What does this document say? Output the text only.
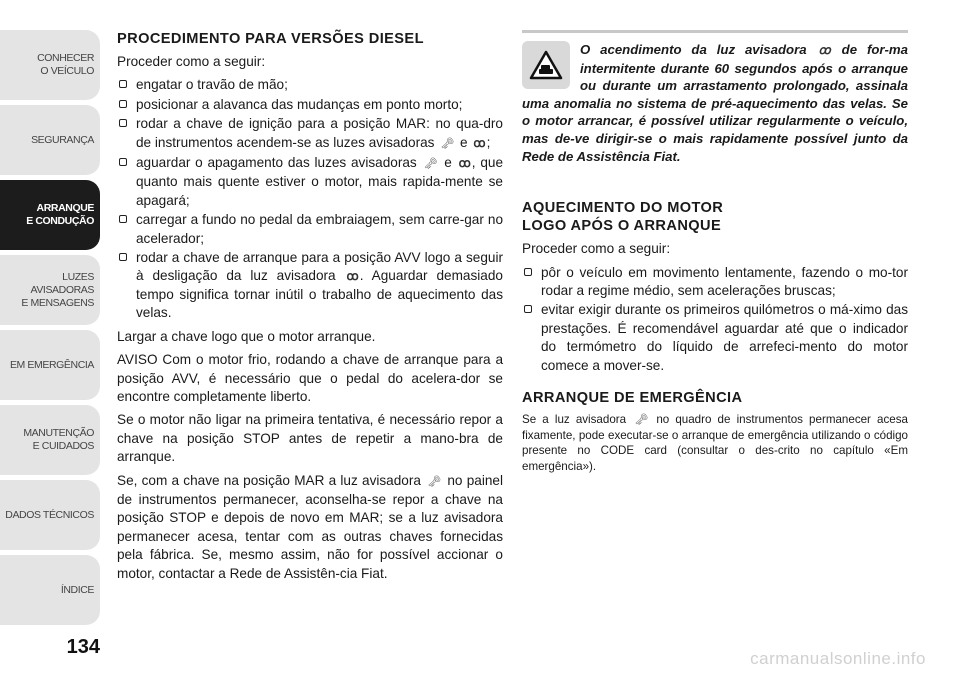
CONHECER
O VEÍCULO
SEGURANÇA
ARRANQUE
E CONDUÇÃO
LUZES AVISADORAS
E MENSAGENS
EM EMERGÊNCIA
MANUTENÇÃO
E CUIDADOS
DADOS TÉCNICOS
ÍNDICE
134
PROCEDIMENTO PARA VERSÕES DIESEL

Proceder como a seguir:

engatar o travão de mão;
posicionar a alavanca das mudanças em ponto morto;
rodar a chave de ignição para a posição MAR: no qua-dro de instrumentos acendem-se as luzes avisadoras 🗝 e ꝏ ;
aguardar o apagamento das luzes avisadoras 🗝 e ꝏ , que quanto mais quente estiver o motor, mais rapida-mente se apagará;
carregar a fundo no pedal da embraiagem, sem carre-gar no acelerador;
rodar a chave de arranque para a posição AVV logo a seguir à desligação da luz avisadora ꝏ . Aguardar demasiado tempo significa tornar inútil o trabalho de aquecimento das velas.

Largar a chave logo que o motor arranque.

AVISO Com o motor frio, rodando a chave de arranque para a posição AVV, é necessário que o pedal do acelera-dor se encontre completamente liberto.

Se o motor não ligar na primeira tentativa, é necessário repor a chave na posição STOP antes de repetir a mano-bra de arranque.

Se, com a chave na posição MAR a luz avisadora 🗝 no painel de instrumentos permanecer, aconselha-se repor a chave na posição STOP e depois de novo em MAR; se a luz avisadora permanecer acesa, tentar com as outras chaves fornecidas pela fábrica. Se, mesmo assim, não for possível accionar o motor, contactar a Rede de Assistên-cia Fiat.

O acendimento da luz avisadora ꝏ de for-ma intermitente durante 60 segundos após o arranque ou durante um arrastamento prolongado, assinala uma anomalia no sistema de pré-aquecimento das velas. Se o motor arrancar, é possível utilizar regularmente o veículo, mas de-ve dirigir-se o mais rapidamente possível junto da Rede de Assistência Fiat.
AQUECIMENTO DO MOTOR
LOGO APÓS O ARRANQUE

Proceder como a seguir:

pôr o veículo em movimento lentamente, fazendo o mo-tor rodar a regime médio, sem acelerações bruscas;
evitar exigir durante os primeiros quilómetros o má-ximo das prestações. É recomendável aguardar até que o indicador do termómetro do líquido de arrefeci-mento do motor comece a mover-se.
ARRANQUE DE EMERGÊNCIA

Se a luz avisadora 🗝 no quadro de instrumentos permanecer acesa fixamente, pode executar-se o arranque de emergência utilizando o código presente no CODE card (consultar o des-crito no capítulo «Em emergência»).

carmanualsonline.info
